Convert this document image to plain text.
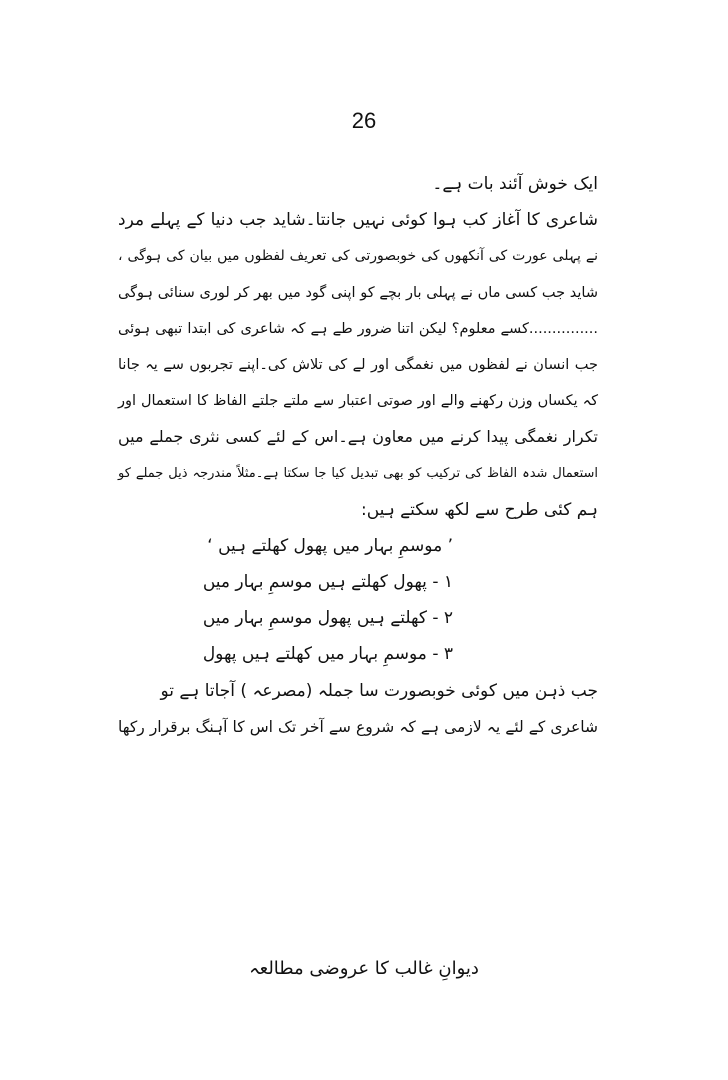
26
ایک خوش آئند بات ہے۔
شاعری کا آغاز کب ہوا کوئی نہیں جانتا۔شاید جب دنیا کے پہلے مرد
نے پہلی عورت کی آنکھوں کی خوبصورتی کی تعریف لفظوں میں بیان کی ہوگی ،
شاید جب کسی ماں نے پہلی بار بچے کو اپنی گود میں بھر کر لوری سنائی ہوگی
...............کسے معلوم؟ لیکن اتنا ضرور طے ہے کہ شاعری کی ابتدا تبھی ہوئی
جب انسان نے لفظوں میں نغمگی اور لے کی تلاش کی۔اپنے تجربوں سے یہ جانا
کہ یکساں وزن رکھنے والے اور صوتی اعتبار سے ملتے جلتے الفاظ کا استعمال اور
تکرار نغمگی پیدا کرنے میں معاون ہے۔اس کے لئے کسی نثری جملے میں
استعمال شدہ الفاظ کی ترکیب کو بھی تبدیل کیا جا سکتا ہے۔مثلاً مندرجہ ذیل جملے کو
ہم کئی طرح سے لکھ سکتے ہیں:
’ موسمِ بہار میں پھول کھلتے ہیں ‘
۱ - پھول کھلتے ہیں موسمِ بہار میں
۲ - کھلتے ہیں پھول موسمِ بہار میں
۳ - موسمِ بہار میں کھلتے ہیں پھول
جب ذہن میں کوئی خوبصورت سا جملہ (مصرعہ ) آجاتا ہے تو
شاعری کے لئے یہ لازمی ہے کہ شروع سے آخر تک اس کا آہنگ برقرار رکھا
دیوانِ غالب کا عروضی مطالعہ
